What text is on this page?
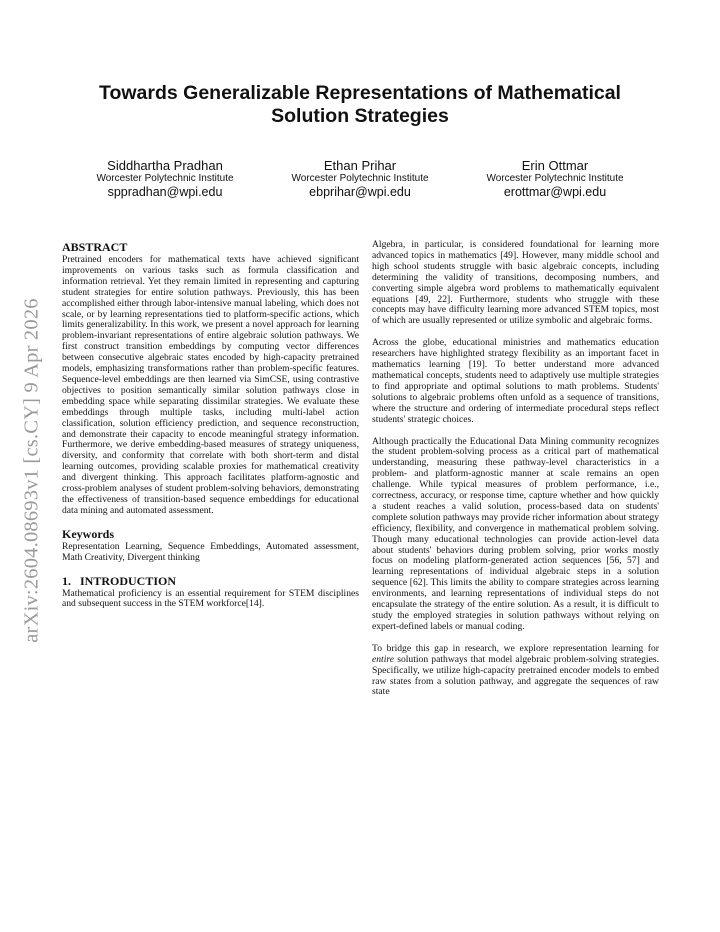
arXiv:2604.08693v1 [cs.CY] 9 Apr 2026
Towards Generalizable Representations of Mathematical Solution Strategies
Siddhartha Pradhan
Worcester Polytechnic Institute
sppradhan@wpi.edu
Ethan Prihar
Worcester Polytechnic Institute
ebprihar@wpi.edu
Erin Ottmar
Worcester Polytechnic Institute
erottmar@wpi.edu
ABSTRACT

Pretrained encoders for mathematical texts have achieved significant improvements on various tasks such as formula classification and information retrieval. Yet they remain limited in representing and capturing student strategies for entire solution pathways. Previously, this has been accomplished either through labor-intensive manual labeling, which does not scale, or by learning representations tied to platform-specific actions, which limits generalizability. In this work, we present a novel approach for learning problem-invariant representations of entire algebraic solution pathways. We first construct transition embeddings by computing vector differences between consecutive algebraic states encoded by high-capacity pretrained models, emphasizing transformations rather than problem-specific features. Sequence-level embeddings are then learned via SimCSE, using contrastive objectives to position semantically similar solution pathways close in embedding space while separating dissimilar strategies. We evaluate these embeddings through multiple tasks, including multi-label action classification, solution efficiency prediction, and sequence reconstruction, and demonstrate their capacity to encode meaningful strategy information. Furthermore, we derive embedding-based measures of strategy uniqueness, diversity, and conformity that correlate with both short-term and distal learning outcomes, providing scalable proxies for mathematical creativity and divergent thinking. This approach facilitates platform-agnostic and cross-problem analyses of student problem-solving behaviors, demonstrating the effectiveness of transition-based sequence embeddings for educational data mining and automated assessment.

Keywords

Representation Learning, Sequence Embeddings, Automated assessment, Math Creativity, Divergent thinking

1.   INTRODUCTION

Mathematical proficiency is an essential requirement for STEM disciplines and subsequent success in the STEM workforce[14].

Algebra, in particular, is considered foundational for learning more advanced topics in mathematics [49]. However, many middle school and high school students struggle with basic algebraic concepts, including determining the validity of transitions, decomposing numbers, and converting simple algebra word problems to mathematically equivalent equations [49, 22]. Furthermore, students who struggle with these concepts may have difficulty learning more advanced STEM topics, most of which are usually represented or utilize symbolic and algebraic forms.

Across the globe, educational ministries and mathematics education researchers have highlighted strategy flexibility as an important facet in mathematics learning [19]. To better understand more advanced mathematical concepts, students need to adaptively use multiple strategies to find appropriate and optimal solutions to math problems. Students' solutions to algebraic problems often unfold as a sequence of transitions, where the structure and ordering of intermediate procedural steps reflect students' strategic choices.

Although practically the Educational Data Mining community recognizes the student problem-solving process as a critical part of mathematical understanding, measuring these pathway-level characteristics in a problem- and platform-agnostic manner at scale remains an open challenge. While typical measures of problem performance, i.e., correctness, accuracy, or response time, capture whether and how quickly a student reaches a valid solution, process-based data on students' complete solution pathways may provide richer information about strategy efficiency, flexibility, and convergence in mathematical problem solving. Though many educational technologies can provide action-level data about students' behaviors during problem solving, prior works mostly focus on modeling platform-generated action sequences [56, 57] and learning representations of individual algebraic steps in a solution sequence [62]. This limits the ability to compare strategies across learning environments, and learning representations of individual steps do not encapsulate the strategy of the entire solution. As a result, it is difficult to study the employed strategies in solution pathways without relying on expert-defined labels or manual coding.

To bridge this gap in research, we explore representation learning for entire solution pathways that model algebraic problem-solving strategies. Specifically, we utilize high-capacity pretrained encoder models to embed raw states from a solution pathway, and aggregate the sequences of raw state
